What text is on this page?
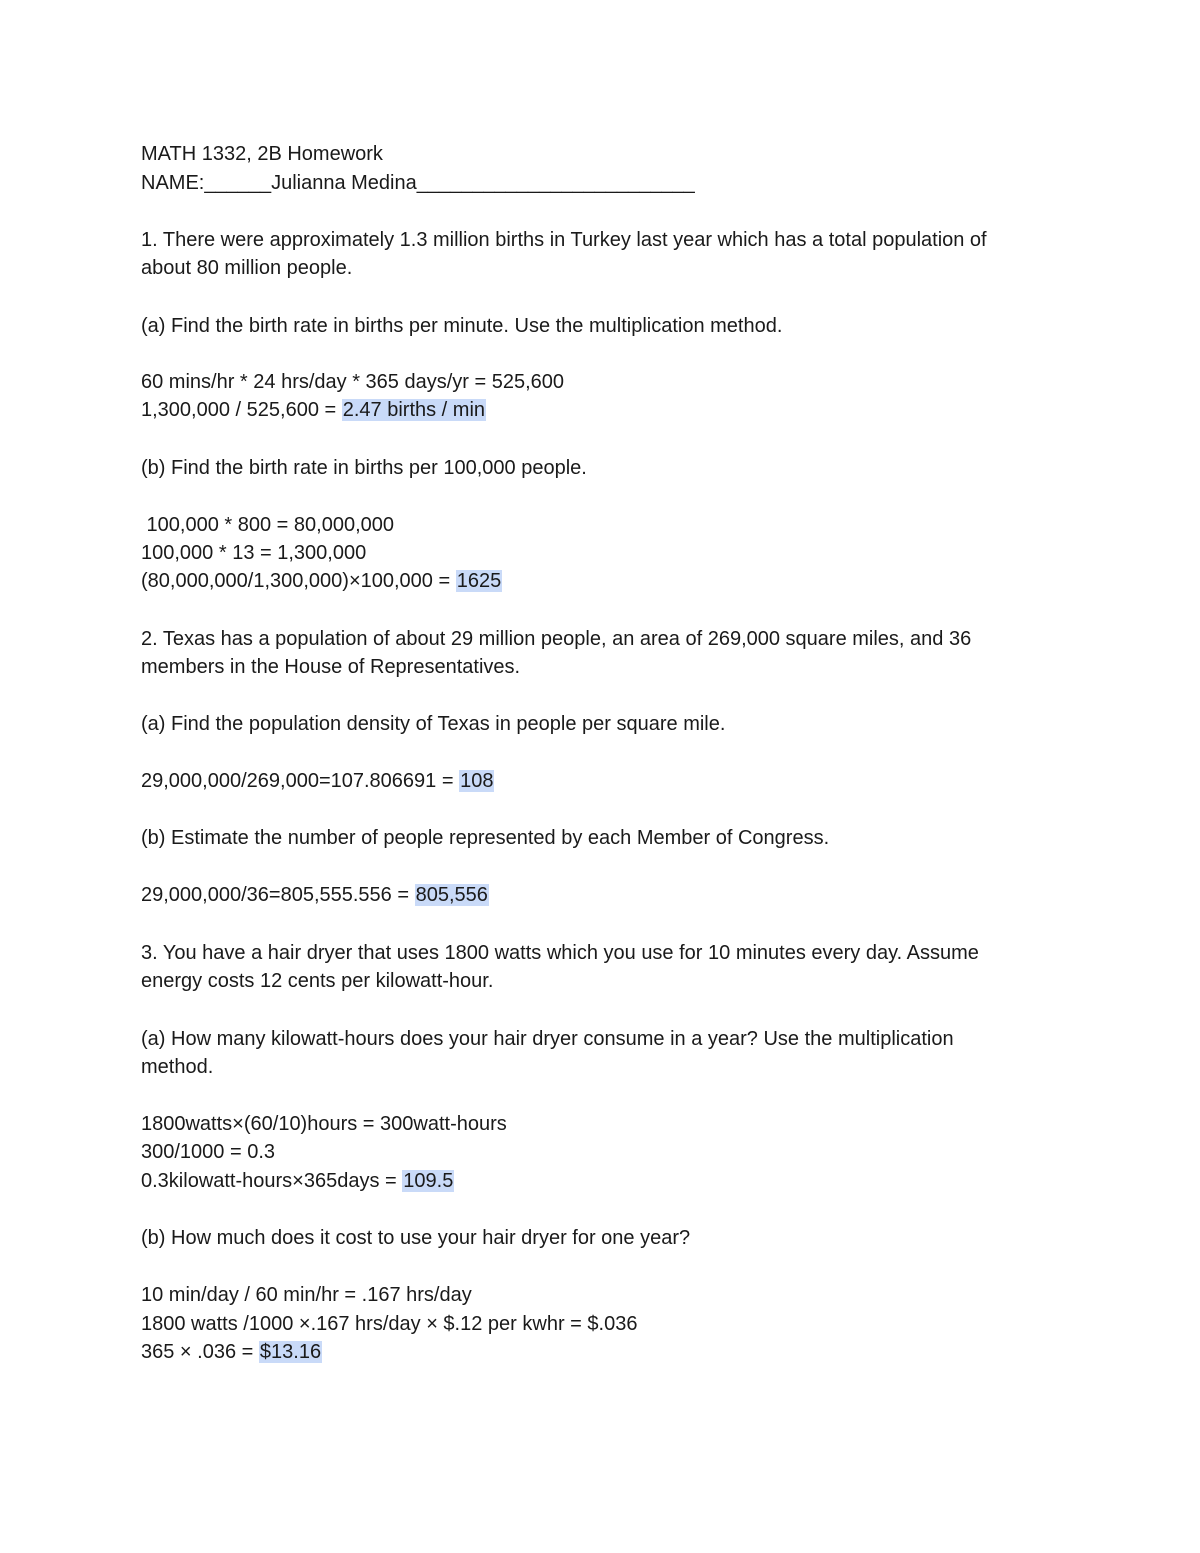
MATH 1332, 2B Homework
NAME:______Julianna Medina_________________________
1. There were approximately 1.3 million births in Turkey last year which has a total population of
about 80 million people.
(a) Find the birth rate in births per minute. Use the multiplication method.
60 mins/hr * 24 hrs/day * 365 days/yr = 525,600
1,300,000 / 525,600 = 2.47 births / min
(b) Find the birth rate in births per 100,000 people.
100,000 * 800 = 80,000,000
100,000 * 13 = 1,300,000
(80,000,000/1,300,000)×100,000 = 1625
2. Texas has a population of about 29 million people, an area of 269,000 square miles, and 36
members in the House of Representatives.
(a) Find the population density of Texas in people per square mile.
29,000,000/269,000=107.806691 = 108
(b) Estimate the number of people represented by each Member of Congress.
29,000,000/36=805,555.556 = 805,556
3. You have a hair dryer that uses 1800 watts which you use for 10 minutes every day. Assume
energy costs 12 cents per kilowatt-hour.
(a) How many kilowatt-hours does your hair dryer consume in a year? Use the multiplication
method.
1800watts×(60/10)hours = 300watt-hours
300/1000 = 0.3
0.3kilowatt-hours×365days = 109.5
(b) How much does it cost to use your hair dryer for one year?
10 min/day / 60 min/hr = .167 hrs/day
1800 watts /1000 ×.167 hrs/day × $.12 per kwhr = $.036
365 × .036 = $13.16
